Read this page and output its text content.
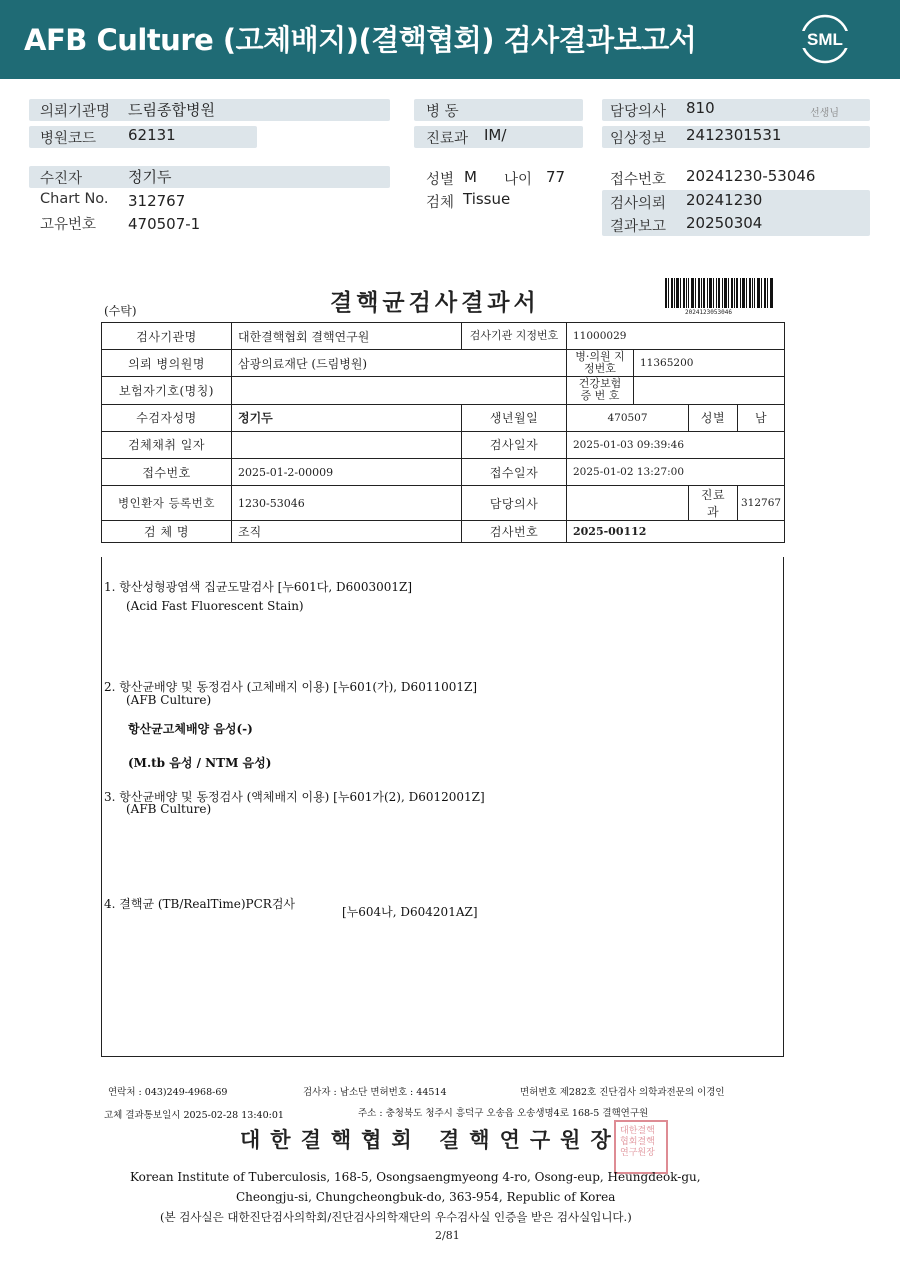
AFB Culture (고체배지)(결핵협회) 검사결과보고서	SML
의뢰기관명 드림종합병원
병원코드 62131
병 동
진료과 IM/
담당의사 810	선생님
임상정보 2412301531
수진자	정기두
Chart No. 312767
고유번호 470507-1
성별 M 나이 77
검체 Tissue
접수번호 20241230-53046
검사의뢰 20241230
결과보고 20250304
(수탁)	결핵균검사결과서	2024123053046
검사기관명	대한결핵협회 결핵연구원	검사기관 지정번호	11000029			
의뢰 병의원명	삼광의료재단 (드림병원)		병·의원 지정번호	11365200		
보험자기호(명칭)			건강보험 증 번 호			
수검자성명	정기두	생년월일	470507		성별	남
검체채취 일자		검사일자	2025-01-03 09:39:46			
접수번호	2025-01-2-00009	접수일자	2025-01-02 13:27:00			
병인환자 등록번호	1230-53046	담당의사			진료과	312767
검 체 명	조직	검사번호	2025-00112			
1. 항산성형광염색 집균도말검사 [누601다, D6003001Z]
(Acid Fast Fluorescent Stain)
2. 항산균배양 및 동정검사 (고체배지 이용) [누601(가), D6011001Z]
(AFB Culture)
항산균고체배양 음성(-)
(M.tb 음성 / NTM 음성)
3. 항산균배양 및 동정검사 (액체배지 이용) [누601가(2), D6012001Z]
(AFB Culture)
4. 결핵균 (TB/RealTime)PCR검사
[누604나, D604201AZ]
연락처 : 043)249-4968-69	검사자 : 남소단 면허번호 : 44514	면허번호 제282호 진단검사 의학과전문의 이경인
고체 결과통보일시 2025-02-28 13:40:01	주소 : 충청북도 청주시 흥덕구 오송읍 오송생명4로 168-5 결핵연구원
대한결핵협회 결핵연구원장 대한결핵협회결핵연구원장
Korean Institute of Tuberculosis, 168-5, Osongsaengmyeong 4-ro, Osong-eup, Heungdeok-gu,
Cheongju-si, Chungcheongbuk-do, 363-954, Republic of Korea
(본 검사실은 대한진단검사의학회/진단검사의학재단의 우수검사실 인증을 받은 검사실입니다.)
2/81
